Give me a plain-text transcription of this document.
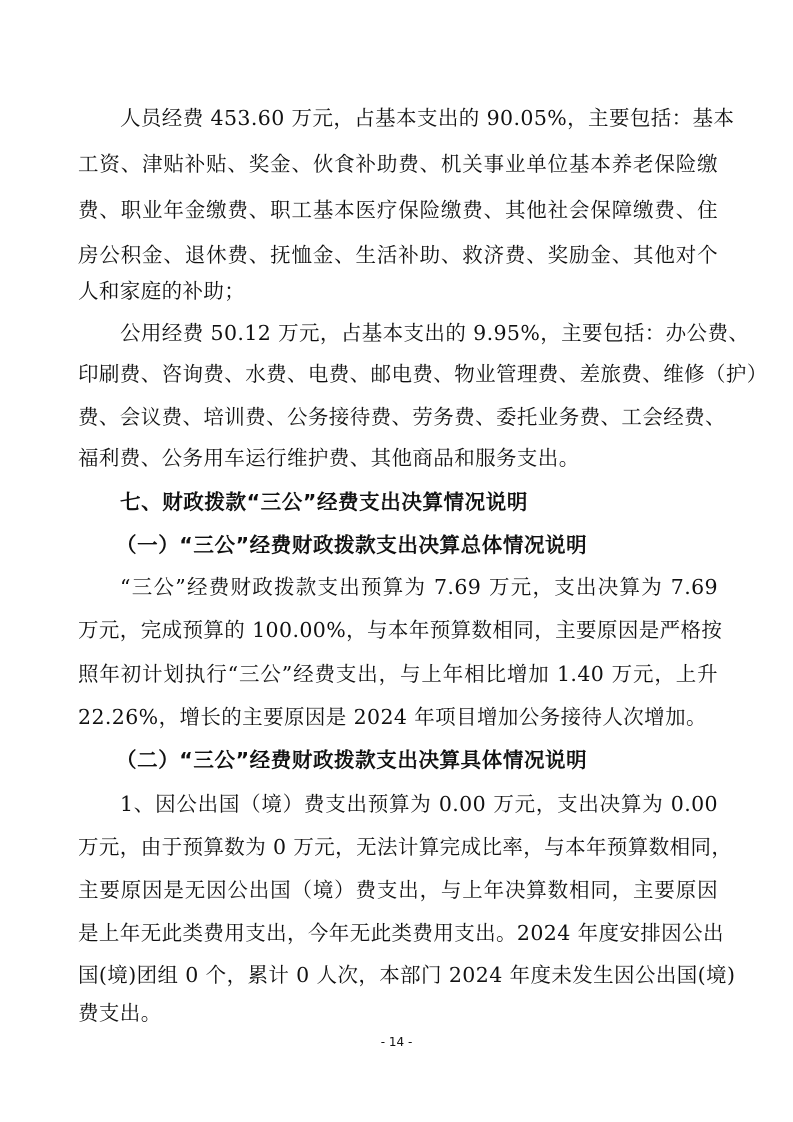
人员经费 453.60 万元，占基本支出的 90.05%，主要包括：基本
工资、津贴补贴、奖金、伙食补助费、机关事业单位基本养老保险缴
费、职业年金缴费、职工基本医疗保险缴费、其他社会保障缴费、住
房公积金、退休费、抚恤金、生活补助、救济费、奖励金、其他对个
人和家庭的补助；
公用经费 50.12 万元，占基本支出的 9.95%，主要包括：办公费、
印刷费、咨询费、水费、电费、邮电费、物业管理费、差旅费、维修（护）
费、会议费、培训费、公务接待费、劳务费、委托业务费、工会经费、
福利费、公务用车运行维护费、其他商品和服务支出。
七、财政拨款“三公”经费支出决算情况说明
（一）“三公”经费财政拨款支出决算总体情况说明
“三公”经费财政拨款支出预算为 7.69 万元，支出决算为 7.69
万元，完成预算的 100.00%，与本年预算数相同，主要原因是严格按
照年初计划执行“三公”经费支出，与上年相比增加 1.40 万元，上升
22.26%，增长的主要原因是 2024 年项目增加公务接待人次增加。
（二）“三公”经费财政拨款支出决算具体情况说明
1、因公出国（境）费支出预算为 0.00 万元，支出决算为 0.00
万元，由于预算数为 0 万元，无法计算完成比率，与本年预算数相同，
主要原因是无因公出国（境）费支出，与上年决算数相同，主要原因
是上年无此类费用支出，今年无此类费用支出。2024 年度安排因公出
国(境)团组 0 个，累计 0 人次，本部门 2024 年度未发生因公出国(境)
费支出。
- 14 -
